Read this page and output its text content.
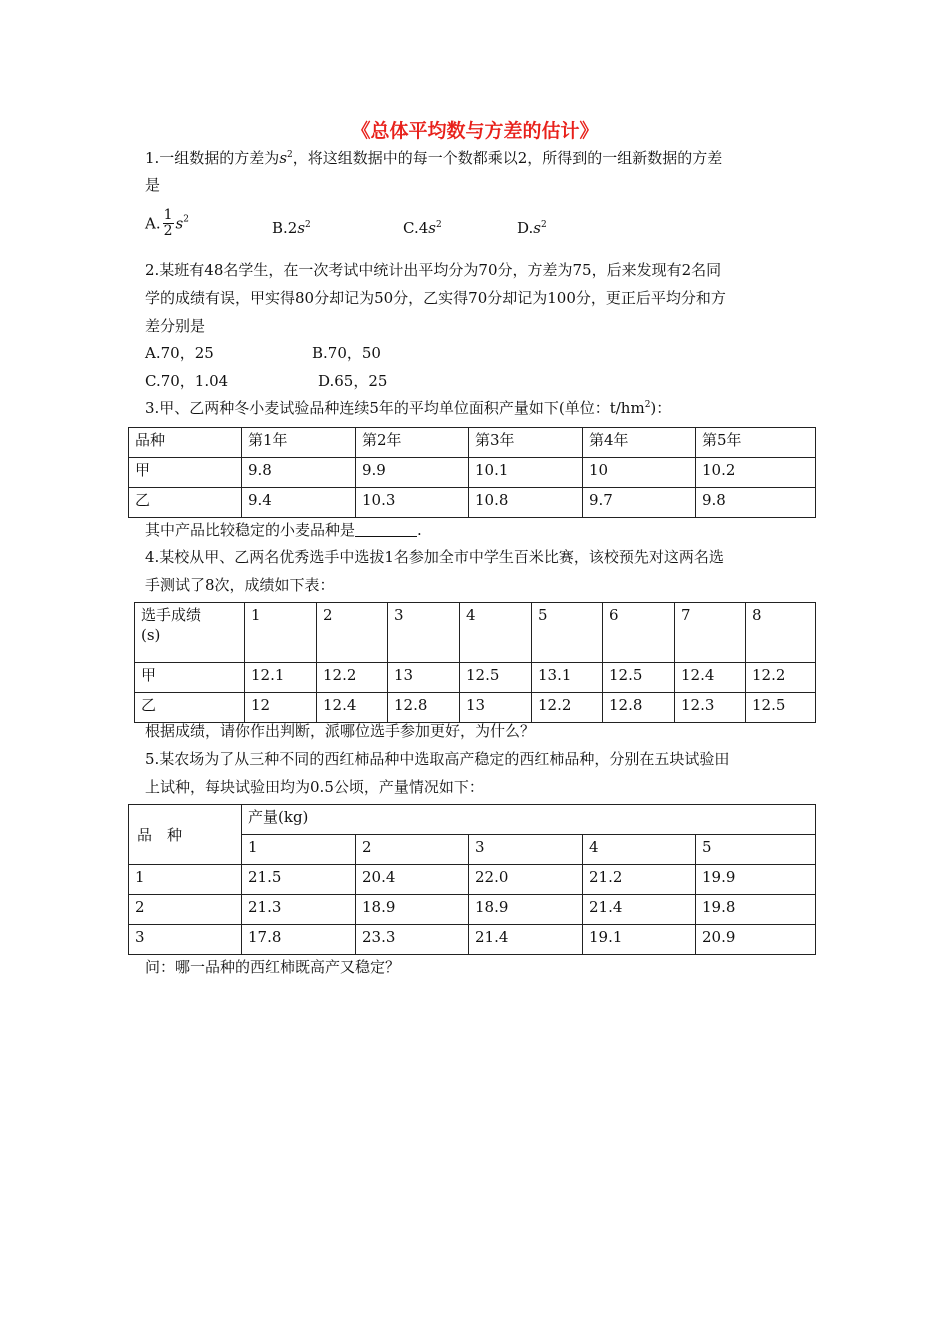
《总体平均数与方差的估计》
1.一组数据的方差为$s^2$，将这组数据中的每一个数都乘以2，所得到的一组新数据的方差
是
A. $\frac{1}{2} s^2$	$B.2s^2$	$C.4s^2$	$D.s^2$
2.某班有48名学生，在一次考试中统计出平均分为70分，方差为75，后来发现有2名同
学的成绩有误，甲实得80分却记为50分，乙实得70分却记为100分，更正后平均分和方
差分别是
A.70，25	B.70，50
C.70，1.04	D.65，25
3.甲、乙两种冬小麦试验品种连续5年的平均单位面积产量如下(单位：$t/hm^2$)：
品种	第1年	第2年	第3年	第4年	第5年
甲	9.8	9.9	10.1	10	10.2
乙	9.4	10.3	10.8	9.7	9.8
其中产品比较稳定的小麦品种是	.
4.某校从甲、乙两名优秀选手中选拔1名参加全市中学生百米比赛，该校预先对这两名选
手测试了8次，成绩如下表：
选手成绩
(s)	1	2	3	4	5	6	7	8
甲	12.1	12.2	13	12.5	13.1	12.5	12.4	12.2
乙	12	12.4	12.8	13	12.2	12.8	12.3	12.5
根据成绩，请你作出判断，派哪位选手参加更好，为什么？
5.某农场为了从三种不同的西红柿品种中选取高产稳定的西红柿品种，分别在五块试验田
上试种，每块试验田均为0.5公顷，产量情况如下：
品　种	产量(kg)				
	1	2	3	4	5
1	21.5	20.4	22.0	21.2	19.9
2	21.3	18.9	18.9	21.4	19.8
3	17.8	23.3	21.4	19.1	20.9
问：哪一品种的西红柿既高产又稳定？
